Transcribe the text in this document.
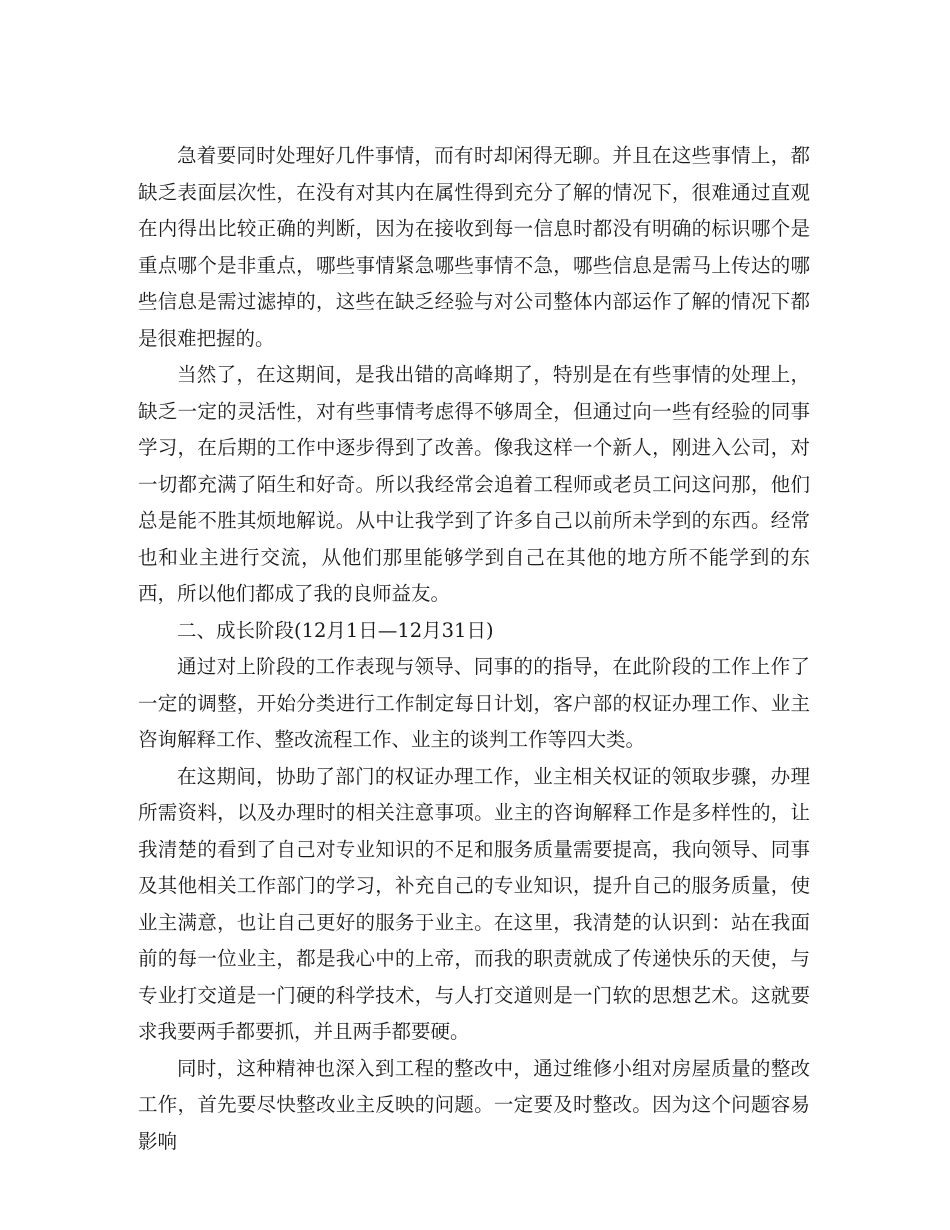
急着要同时处理好几件事情，而有时却闲得无聊。并且在这些事情上，都缺乏表面层次性，在没有对其内在属性得到充分了解的情况下，很难通过直观在内得出比较正确的判断，因为在接收到每一信息时都没有明确的标识哪个是重点哪个是非重点，哪些事情紧急哪些事情不急，哪些信息是需马上传达的哪些信息是需过滤掉的，这些在缺乏经验与对公司整体内部运作了解的情况下都是很难把握的。

当然了，在这期间，是我出错的高峰期了，特别是在有些事情的处理上，缺乏一定的灵活性，对有些事情考虑得不够周全，但通过向一些有经验的同事学习，在后期的工作中逐步得到了改善。像我这样一个新人，刚进入公司，对一切都充满了陌生和好奇。所以我经常会追着工程师或老员工问这问那，他们总是能不胜其烦地解说。从中让我学到了许多自己以前所未学到的东西。经常也和业主进行交流，从他们那里能够学到自己在其他的地方所不能学到的东西，所以他们都成了我的良师益友。

二、成长阶段(12月1日—12月31日)

通过对上阶段的工作表现与领导、同事的的指导，在此阶段的工作上作了一定的调整，开始分类进行工作制定每日计划，客户部的权证办理工作、业主咨询解释工作、整改流程工作、业主的谈判工作等四大类。

在这期间，协助了部门的权证办理工作，业主相关权证的领取步骤，办理所需资料，以及办理时的相关注意事项。业主的咨询解释工作是多样性的，让我清楚的看到了自己对专业知识的不足和服务质量需要提高，我向领导、同事及其他相关工作部门的学习，补充自己的专业知识，提升自己的服务质量，使业主满意，也让自己更好的服务于业主。在这里，我清楚的认识到：站在我面前的每一位业主，都是我心中的上帝，而我的职责就成了传递快乐的天使，与专业打交道是一门硬的科学技术，与人打交道则是一门软的思想艺术。这就要求我要两手都要抓，并且两手都要硬。

同时，这种精神也深入到工程的整改中，通过维修小组对房屋质量的整改工作，首先要尽快整改业主反映的问题。一定要及时整改。因为这个问题容易影响
